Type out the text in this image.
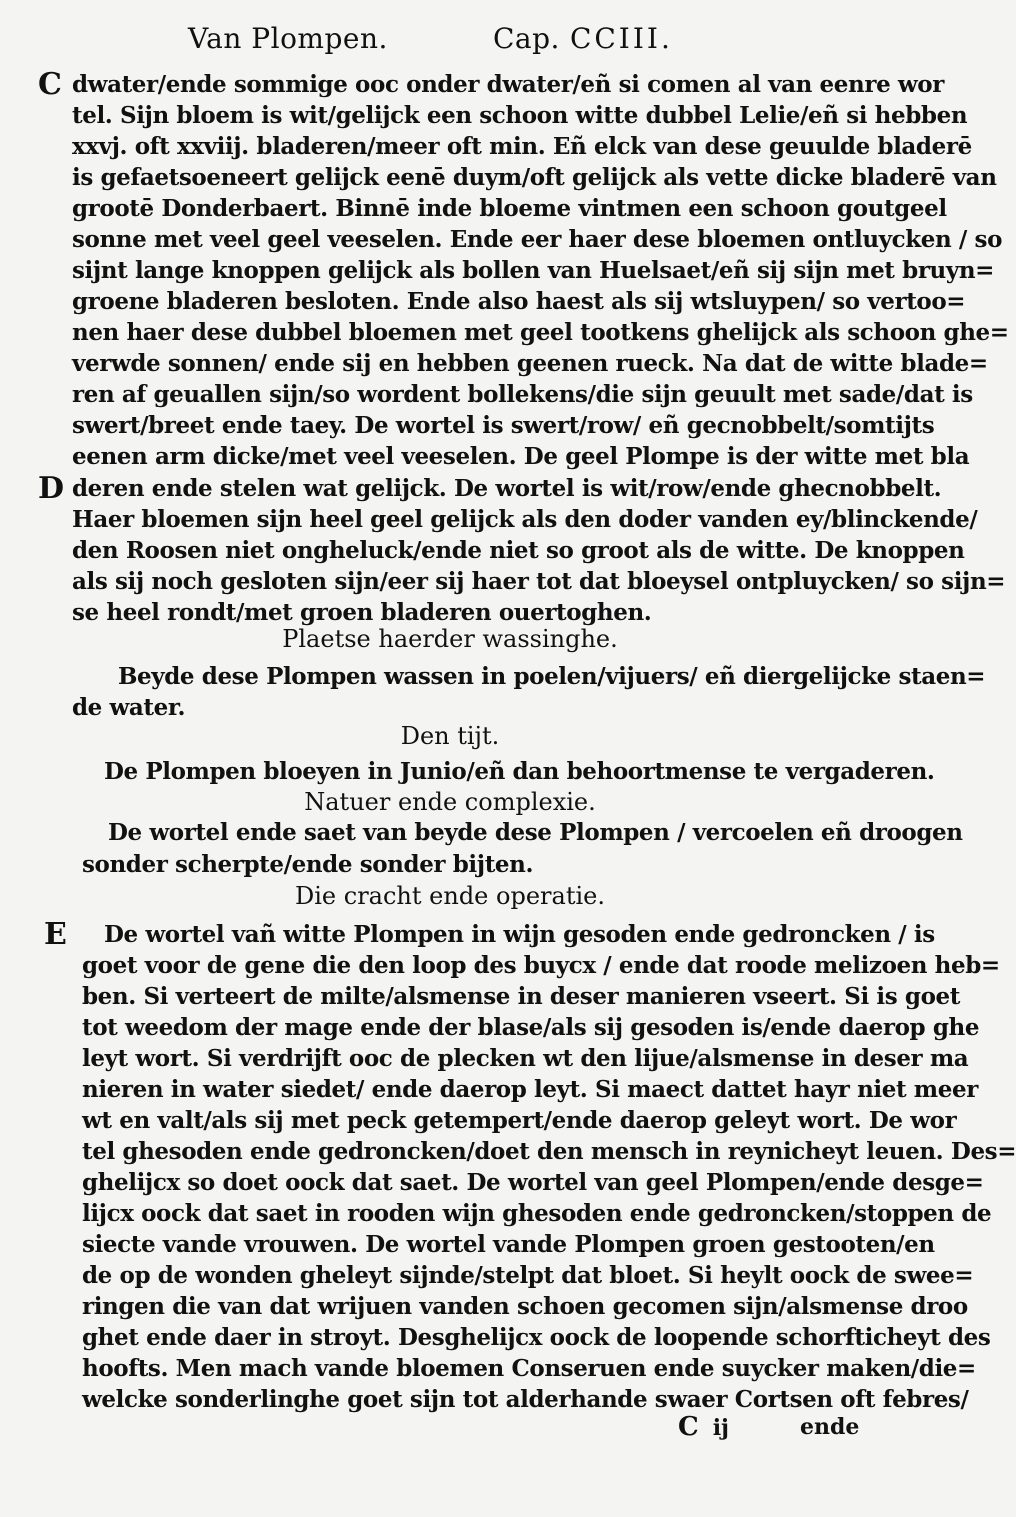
Van Plompen.	Cap. CCIII.
C
D
E
dwater/ende sommige ooc onder dwater/eñ si comen al van eenre wor
tel. Sijn bloem is wit/gelijck een schoon witte dubbel Lelie/eñ si hebben
xxvj. oft xxviij. bladeren/meer oft min. Eñ elck van dese geuulde bladerē
is gefaetsoeneert gelijck eenē duym/oft gelijck als vette dicke bladerē van
grootē Donderbaert. Binnē inde bloeme vintmen een schoon goutgeel
sonne met veel geel veeselen. Ende eer haer dese bloemen ontluycken / so
sijnt lange knoppen gelijck als bollen van Huelsaet/eñ sij sijn met bruyn=
groene bladeren besloten. Ende also haest als sij wtsluypen/ so vertoo=
nen haer dese dubbel bloemen met geel tootkens ghelijck als schoon ghe=
verwde sonnen/ ende sij en hebben geenen rueck. Na dat de witte blade=
ren af geuallen sijn/so wordent bollekens/die sijn geuult met sade/dat is
swert/breet ende taey. De wortel is swert/row/ eñ gecnobbelt/somtijts
eenen arm dicke/met veel veeselen. De geel Plompe is der witte met bla
deren ende stelen wat gelijck. De wortel is wit/row/ende ghecnobbelt.
Haer bloemen sijn heel geel gelijck als den doder vanden ey/blinckende/
den Roosen niet ongheluck/ende niet so groot als de witte. De knoppen
als sij noch gesloten sijn/eer sij haer tot dat bloeysel ontpluycken/ so sijn=
se heel rondt/met groen bladeren ouertoghen.
Plaetse haerder wassinghe.
Beyde dese Plompen wassen in poelen/vijuers/ eñ diergelijcke staen=
de water.
Den tijt.
De Plompen bloeyen in Junio/eñ dan behoortmense te vergaderen.
Natuer ende complexie.
De wortel ende saet van beyde dese Plompen / vercoelen eñ droogen
sonder scherpte/ende sonder bijten.
Die cracht ende operatie.
De wortel vañ witte Plompen in wijn gesoden ende gedroncken / is
goet voor de gene die den loop des buycx / ende dat roode melizoen heb=
ben. Si verteert de milte/alsmense in deser manieren vseert. Si is goet
tot weedom der mage ende der blase/als sij gesoden is/ende daerop ghe
leyt wort. Si verdrijft ooc de plecken wt den lijue/alsmense in deser ma
nieren in water siedet/ ende daerop leyt. Si maect dattet hayr niet meer
wt en valt/als sij met peck getempert/ende daerop geleyt wort. De wor
tel ghesoden ende gedroncken/doet den mensch in reynicheyt leuen. Des=
ghelijcx so doet oock dat saet. De wortel van geel Plompen/ende desge=
lijcx oock dat saet in rooden wijn ghesoden ende gedroncken/stoppen de
siecte vande vrouwen. De wortel vande Plompen groen gestooten/en
de op de wonden gheleyt sijnde/stelpt dat bloet. Si heylt oock de swee=
ringen die van dat wrijuen vanden schoen gecomen sijn/alsmense droo
ghet ende daer in stroyt. Desghelijcx oock de loopende schorfticheyt des
hoofts. Men mach vande bloemen Conseruen ende suycker maken/die=
welcke sonderlinghe goet sijn tot alderhande swaer Cortsen oft febres/
C ij	ende
